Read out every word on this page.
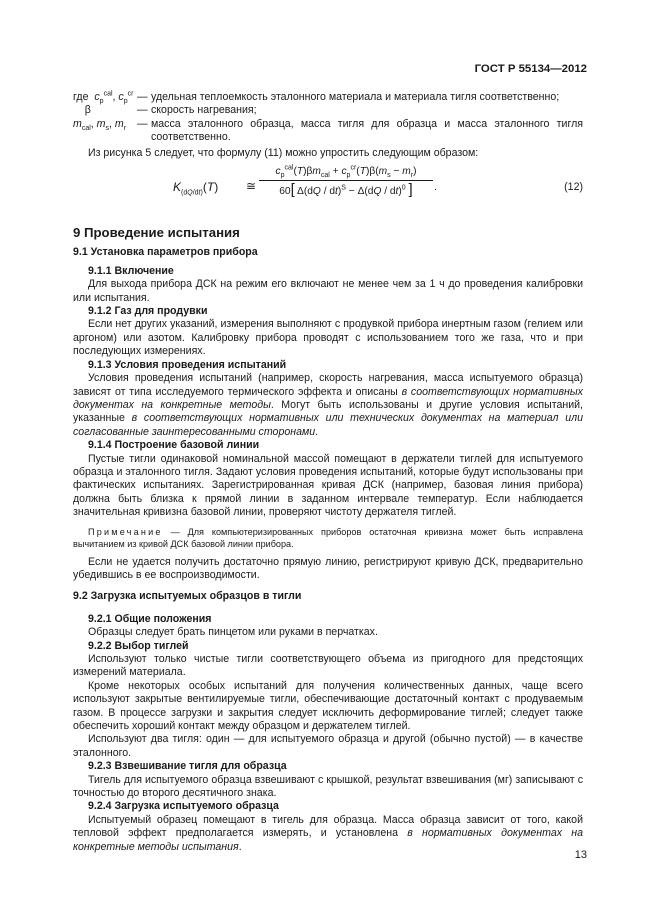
ГОСТ Р 55134—2012
где $c_p^{cal}$, $c_p^{cr}$ — удельная теплоемкость эталонного материала и материала тигля соответственно;
β	— скорость нагревания;
$m_{cal}$, $m_s$, $m_r$	— масса эталонного образца, масса тигля для образца и масса эталонного тигля соответственно.

Из рисунка 5 следует, что формулу (11) можно упростить следующим образом:

$K_{(dQ/dt)}(T)$ ≅
$c_p^{cal}(T)\beta m_{cal} + c_p^{cr}(T)\beta(m_s - m_r)$
60[ Δ(dQ / dt)$^S$ − Δ(dQ / dt)$^0$ ]	.	(12)
9 Проведение испытания
9.1 Установка параметров прибора
9.1.1 Включение

Для выхода прибора ДСК на режим его включают не менее чем за 1 ч до проведения калибровки или испытания.

9.1.2 Газ для продувки

Если нет других указаний, измерения выполняют с продувкой прибора инертным газом (гелием или аргоном) или азотом. Калибровку прибора проводят с использованием того же газа, что и при последующих измерениях.

9.1.3 Условия проведения испытаний

Условия проведения испытаний (например, скорость нагревания, масса испытуемого образца) зависят от типа исследуемого термического эффекта и описаны в соответствующих нормативных документах на конкретные методы. Могут быть использованы и другие условия испытаний, указанные в соответствующих нормативных или технических документах на материал или согласованные заинтересованными сторонами.

9.1.4 Построение базовой линии

Пустые тигли одинаковой номинальной массой помещают в держатели тиглей для испытуемого образца и эталонного тигля. Задают условия проведения испытаний, которые будут использованы при фактических испытаниях. Зарегистрированная кривая ДСК (например, базовая линия прибора) должна быть близка к прямой линии в заданном интервале температур. Если наблюдается значительная кривизна базовой линии, проверяют чистоту держателя тиглей.

Примечание — Для компьютеризированных приборов остаточная кривизна может быть исправлена вычитанием из кривой ДСК базовой линии прибора.

Если не удается получить достаточно прямую линию, регистрируют кривую ДСК, предварительно убедившись в ее воспроизводимости.

9.2 Загрузка испытуемых образцов в тигли
9.2.1 Общие положения

Образцы следует брать пинцетом или руками в перчатках.

9.2.2 Выбор тиглей

Используют только чистые тигли соответствующего объема из пригодного для предстоящих измерений материала.

Кроме некоторых особых испытаний для получения количественных данных, чаще всего используют закрытые вентилируемые тигли, обеспечивающие достаточный контакт с продуваемым газом. В процессе загрузки и закрытия следует исключить деформирование тиглей; следует также обеспечить хороший контакт между образцом и держателем тиглей.

Используют два тигля: один — для испытуемого образца и другой (обычно пустой) — в качестве эталонного.

9.2.3 Взвешивание тигля для образца

Тигель для испытуемого образца взвешивают с крышкой, результат взвешивания (мг) записывают с точностью до второго десятичного знака.

9.2.4 Загрузка испытуемого образца

Испытуемый образец помещают в тигель для образца. Масса образца зависит от того, какой тепловой эффект предполагается измерять, и установлена в нормативных документах на конкретные методы испытания.

13
